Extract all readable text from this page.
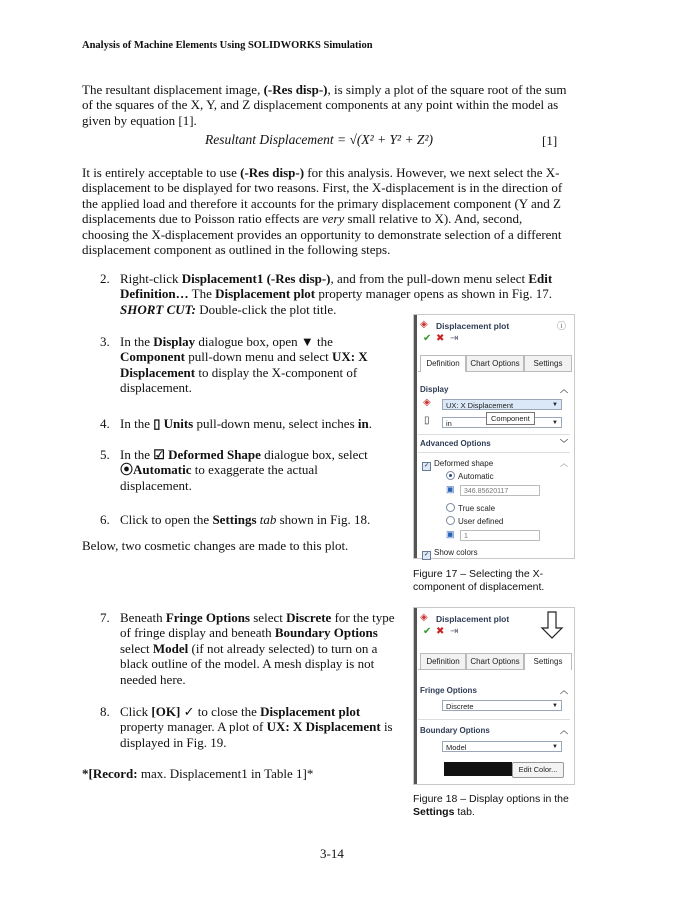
Analysis of Machine Elements Using SOLIDWORKS Simulation
The resultant displacement image, (-Res disp-), is simply a plot of the square root of the sum of the squares of the X, Y, and Z displacement components at any point within the model as given by equation [1].
Resultant Displacement = √(X² + Y² + Z²)	[1]
It is entirely acceptable to use (-Res disp-) for this analysis. However, we next select the X-displacement to be displayed for two reasons. First, the X-displacement is in the direction of the applied load and therefore it accounts for the primary displacement component (Y and Z displacements due to Poisson ratio effects are very small relative to X). And, second, choosing the X-displacement provides an opportunity to demonstrate selection of a different displacement component as outlined in the following steps.
2. Right-click Displacement1 (-Res disp-), and from the pull-down menu select Edit Definition… The Displacement plot property manager opens as shown in Fig. 17. SHORT CUT: Double-click the plot title.
3. In the Display dialogue box, open ▼ the Component pull-down menu and select UX: X Displacement to display the X-component of displacement.
4. In the ▯ Units pull-down menu, select inches in.
5. In the ☑ Deformed Shape dialogue box, select ⦿Automatic to exaggerate the actual displacement.
6. Click to open the Settings tab shown in Fig. 18.
Below, two cosmetic changes are made to this plot.
7. Beneath Fringe Options select Discrete for the type of fringe display and beneath Boundary Options select Model (if not already selected) to turn on a black outline of the model. A mesh display is not needed here.
8. Click [OK] ✓ to close the Displacement plot property manager. A plot of UX: X Displacement is displayed in Fig. 19.
*[Record: max. Displacement1 in Table 1]*
◈ Displacement plot	ⓘ
✔ ✖ ⇥
Definition	Chart Options	Settings
Display	︿
◈	UX: X Displacement	▼
▯	in	▼
Component
Advanced Options	﹀
✓ Deformed shape	︿
Automatic
▣	346.85620117
True scale
User defined
▣	1
✓ Show colors
Figure 17 – Selecting the X-component of displacement.
◈ Displacement plot
✔ ✖ ⇥
Definition	Chart Options	Settings
Fringe Options	︿
Discrete	▼
Boundary Options	︿
Model	▼
Edit Color...
Figure 18 – Display options in the Settings tab.
3-14
